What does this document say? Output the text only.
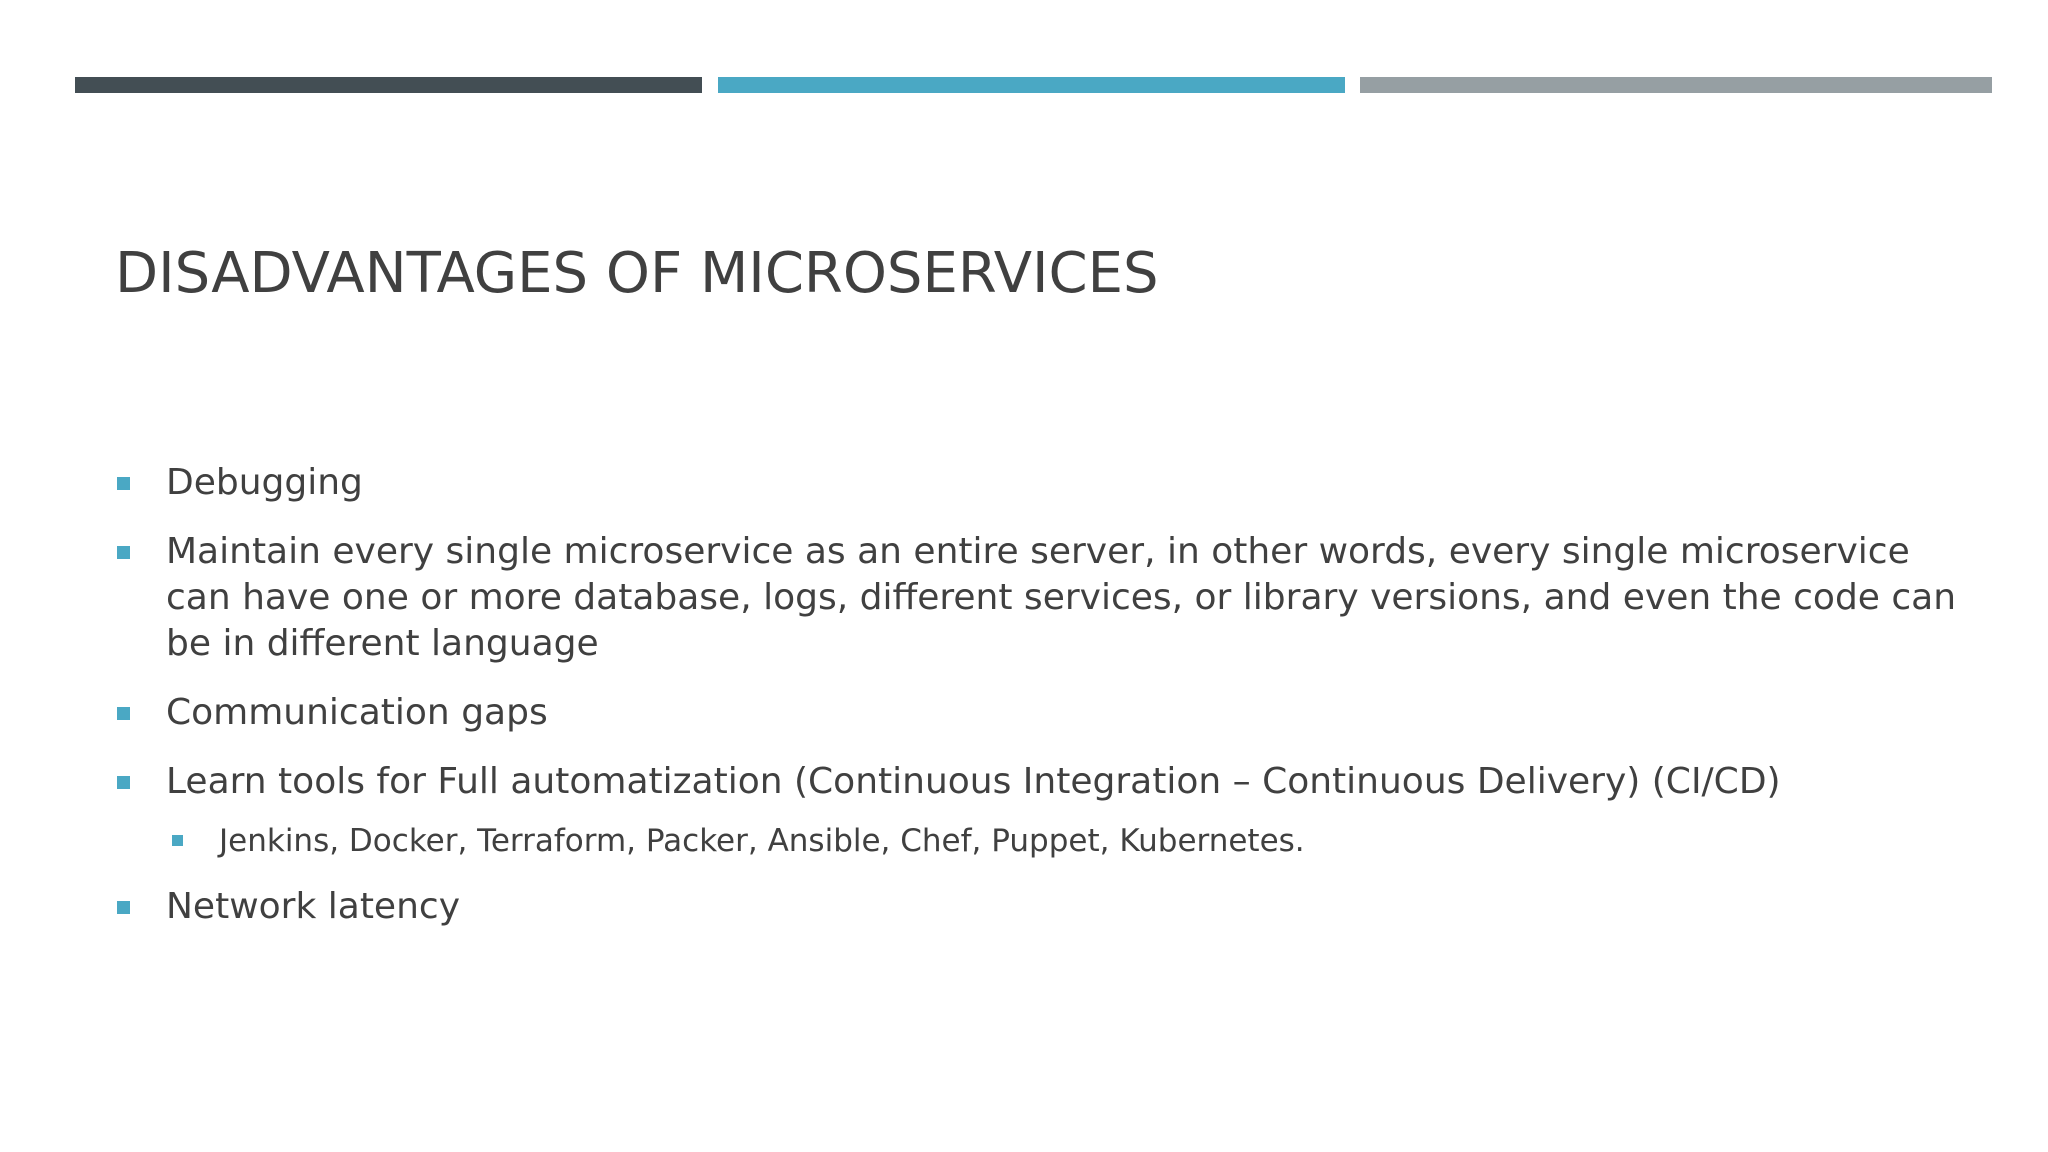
DISADVANTAGES OF MICROSERVICES
Debugging
Maintain every single microservice as an entire server, in other words, every single microservice can have one or more database, logs, different services, or library versions, and even the code can be in different language
Communication gaps
Learn tools for Full automatization (Continuous Integration – Continuous Delivery) (CI/CD)
Jenkins, Docker, Terraform, Packer, Ansible, Chef, Puppet, Kubernetes.
Network latency
